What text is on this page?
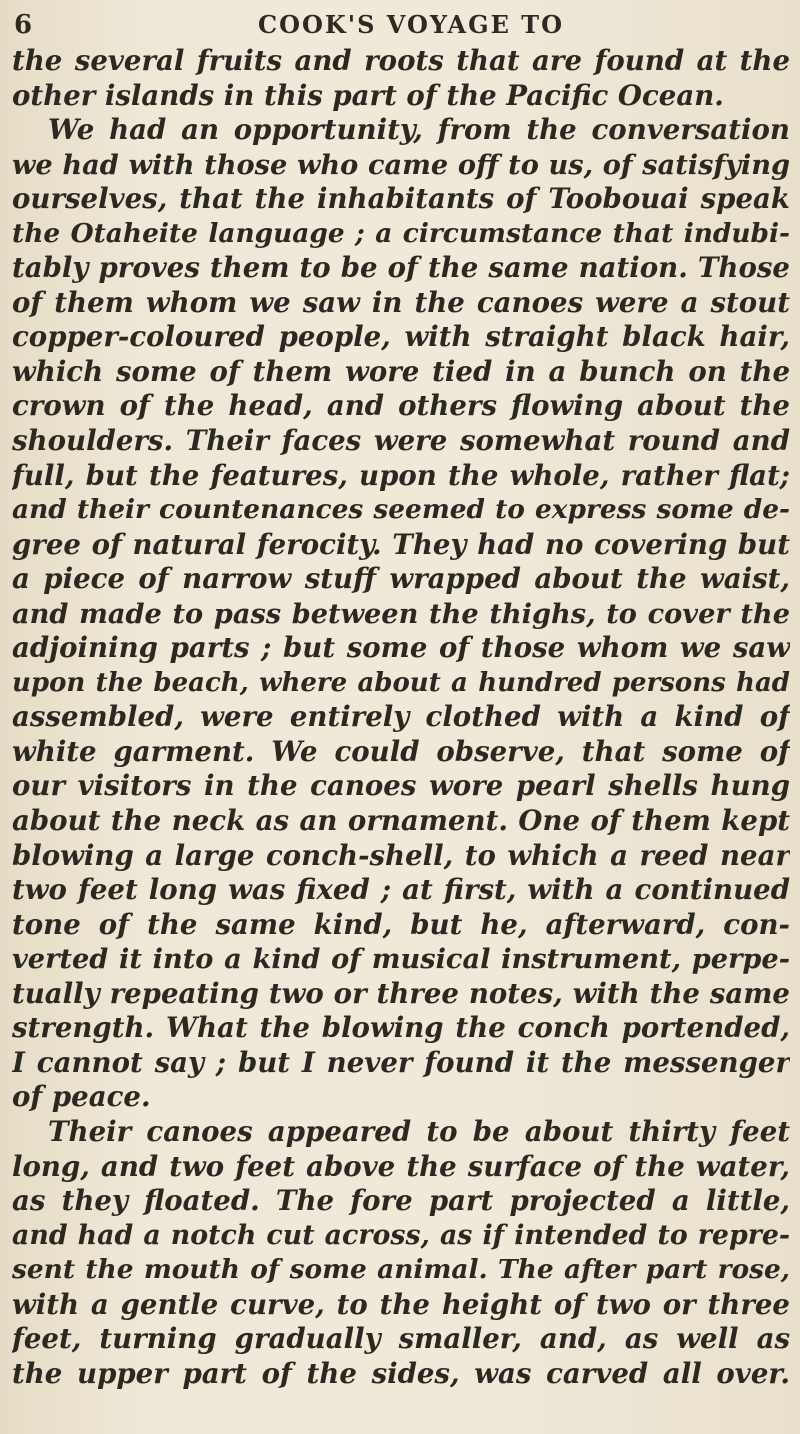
6	COOK'S VOYAGE TO
the several fruits and roots that are found at the
other islands in this part of the Pacific Ocean.
We had an opportunity, from the conversation
we had with those who came off to us, of satisfying
ourselves, that the inhabitants of Toobouai speak
the Otaheite language ; a circumstance that indubi-
tably proves them to be of the same nation. Those
of them whom we saw in the canoes were a stout
copper-coloured people, with straight black hair,
which some of them wore tied in a bunch on the
crown of the head, and others flowing about the
shoulders. Their faces were somewhat round and
full, but the features, upon the whole, rather flat;
and their countenances seemed to express some de-
gree of natural ferocity. They had no covering but
a piece of narrow stuff wrapped about the waist,
and made to pass between the thighs, to cover the
adjoining parts ; but some of those whom we saw
upon the beach, where about a hundred persons had
assembled, were entirely clothed with a kind of
white garment. We could observe, that some of
our visitors in the canoes wore pearl shells hung
about the neck as an ornament. One of them kept
blowing a large conch-shell, to which a reed near
two feet long was fixed ; at first, with a continued
tone of the same kind, but he, afterward, con-
verted it into a kind of musical instrument, perpe-
tually repeating two or three notes, with the same
strength. What the blowing the conch portended,
I cannot say ; but I never found it the messenger
of peace.
Their canoes appeared to be about thirty feet
long, and two feet above the surface of the water,
as they floated. The fore part projected a little,
and had a notch cut across, as if intended to repre-
sent the mouth of some animal. The after part rose,
with a gentle curve, to the height of two or three
feet, turning gradually smaller, and, as well as
the upper part of the sides, was carved all over.
